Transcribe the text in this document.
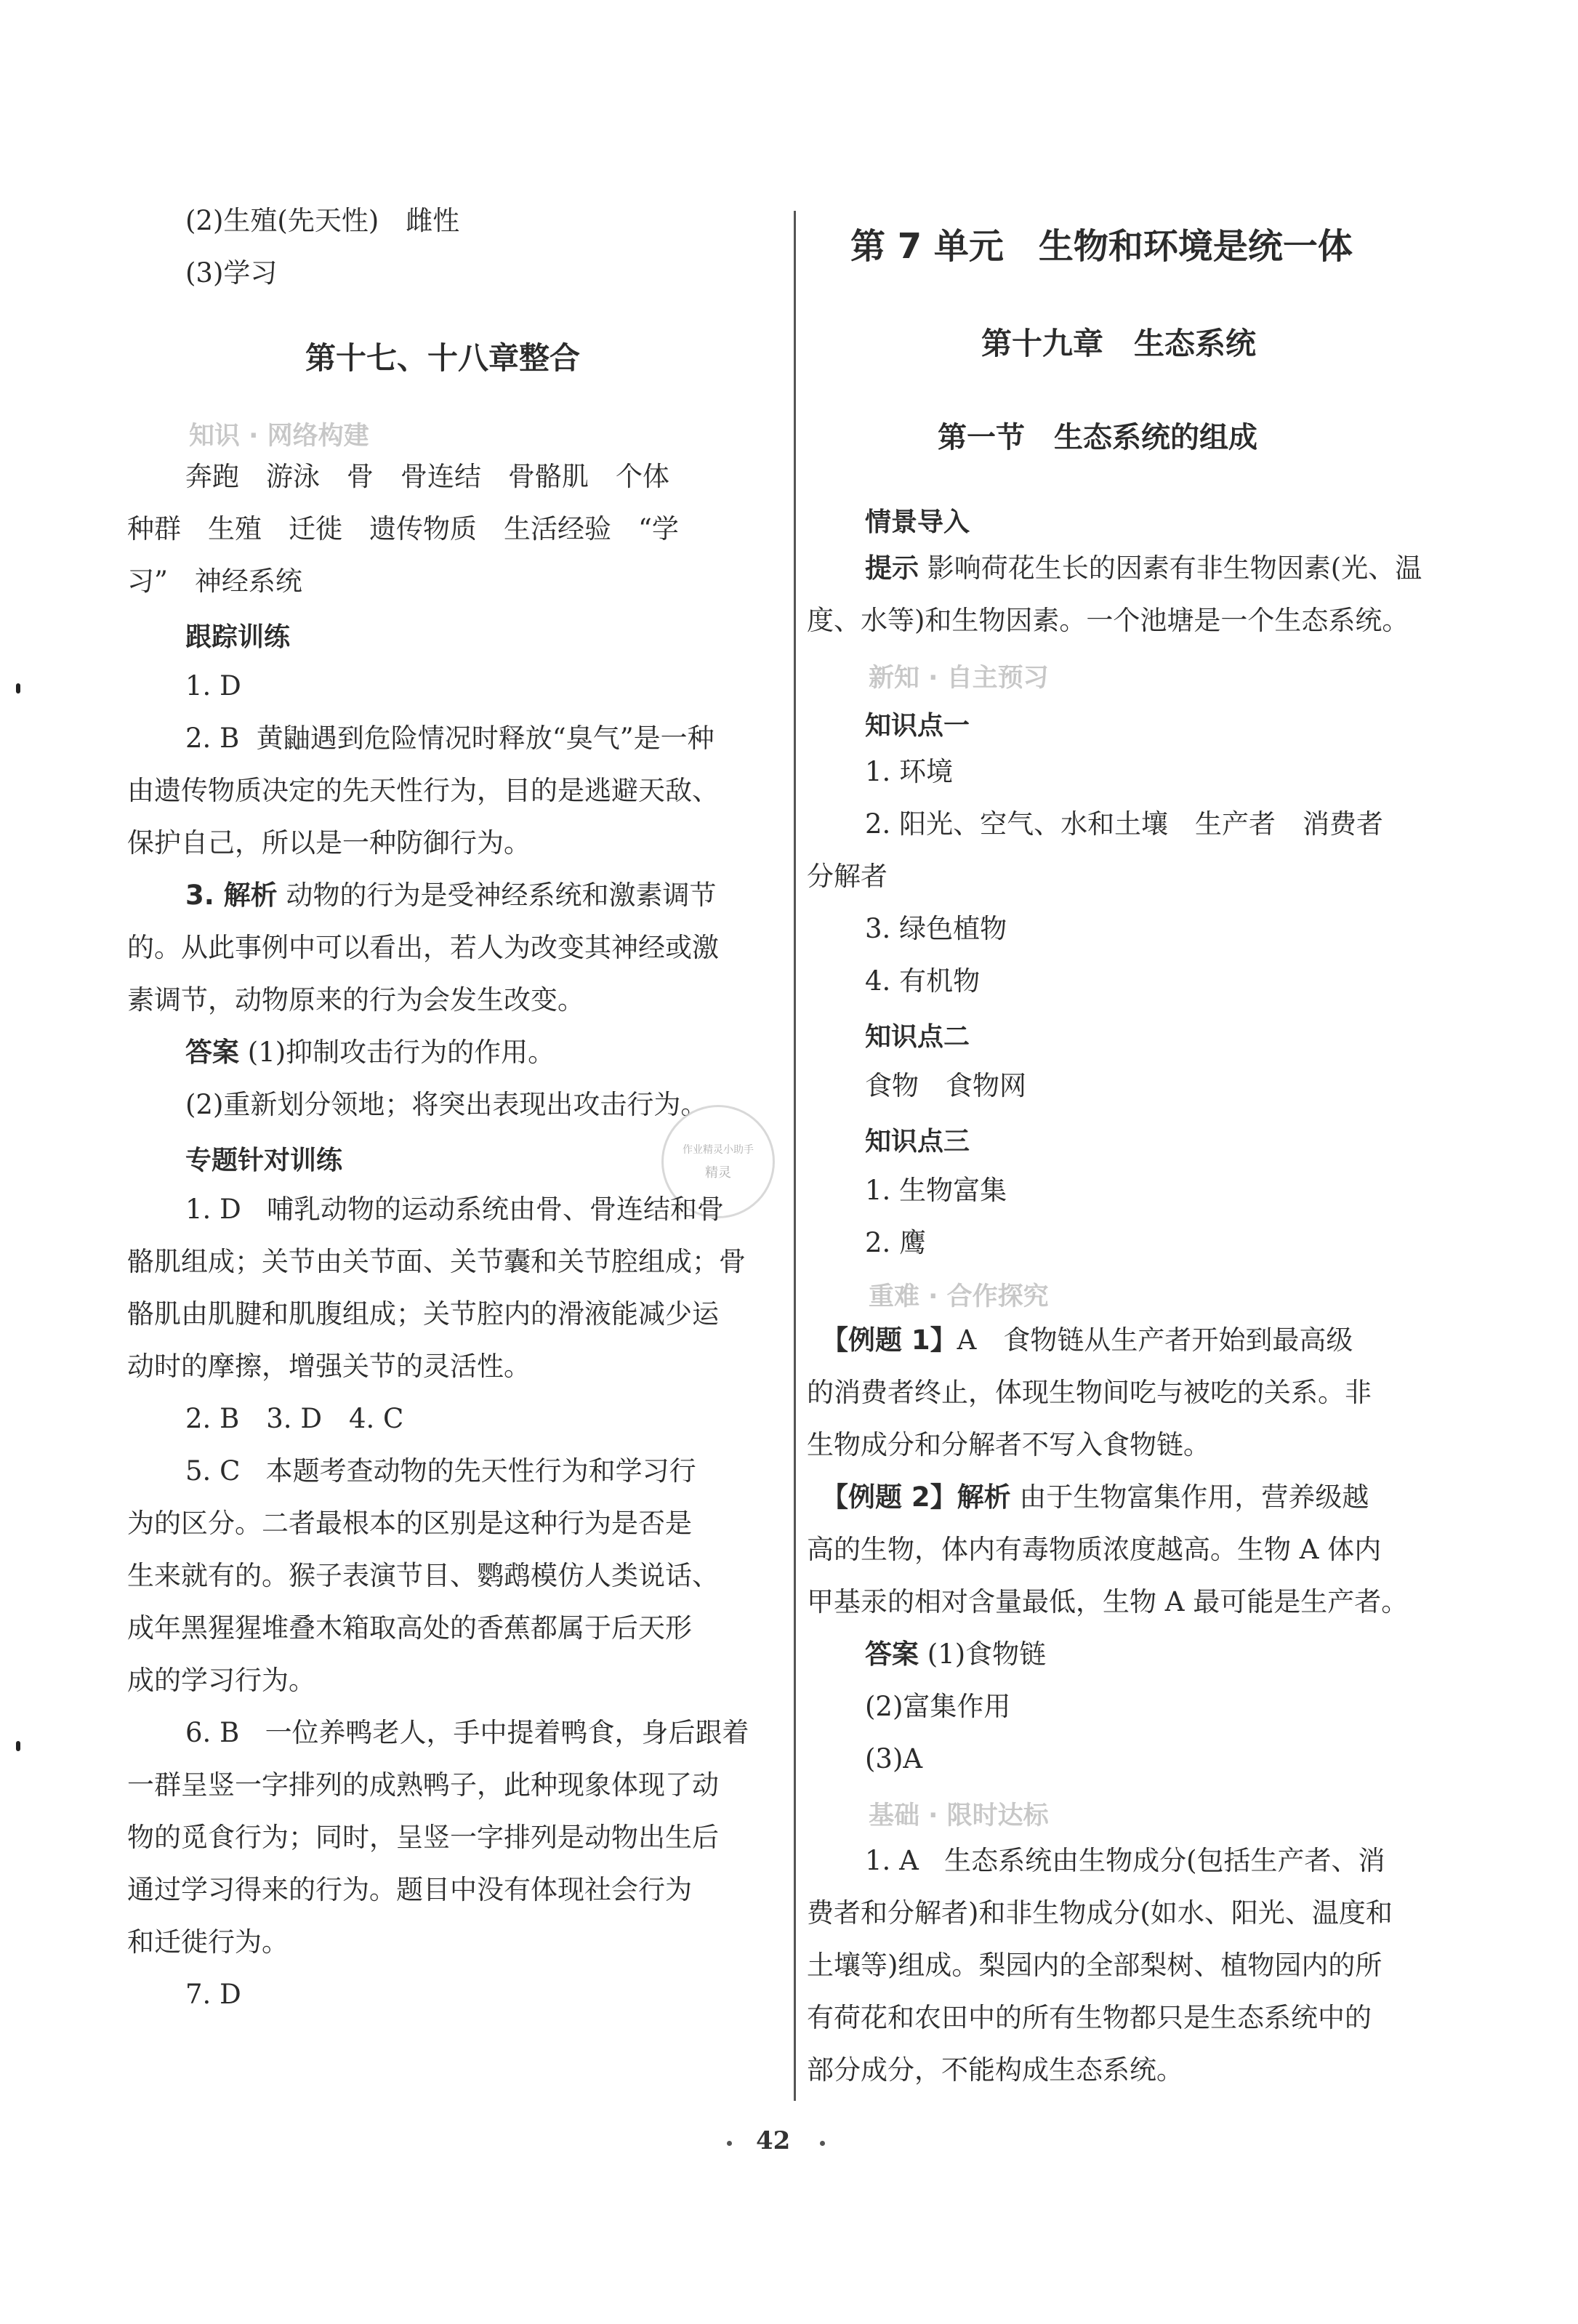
(2)生殖(先天性)　雌性
(3)学习
第十七、十八章整合
知识 · 网络构建
奔跑　游泳　骨　骨连结　骨骼肌　个体
种群　生殖　迁徙　遗传物质　生活经验　“学
习”　神经系统
跟踪训练
1. D
2. B 黄鼬遇到危险情况时释放“臭气”是一种
由遗传物质决定的先天性行为，目的是逃避天敌、
保护自己，所以是一种防御行为。
3. 解析 动物的行为是受神经系统和激素调节
的。从此事例中可以看出，若人为改变其神经或激
素调节，动物原来的行为会发生改变。
答案 (1)抑制攻击行为的作用。
(2)重新划分领地；将突出表现出攻击行为。
作业精灵小助手
精灵
专题针对训练
1. D 哺乳动物的运动系统由骨、骨连结和骨
骼肌组成；关节由关节面、关节囊和关节腔组成；骨
骼肌由肌腱和肌腹组成；关节腔内的滑液能减少运
动时的摩擦，增强关节的灵活性。
2. B　3. D　4. C
5. C 本题考查动物的先天性行为和学习行
为的区分。二者最根本的区别是这种行为是否是
生来就有的。猴子表演节目、鹦鹉模仿人类说话、
成年黑猩猩堆叠木箱取高处的香蕉都属于后天形
成的学习行为。
6. B 一位养鸭老人，手中提着鸭食，身后跟着
一群呈竖一字排列的成熟鸭子，此种现象体现了动
物的觅食行为；同时，呈竖一字排列是动物出生后
通过学习得来的行为。题目中没有体现社会行为
和迁徙行为。
7. D
第 7 单元　生物和环境是统一体
第十九章　生态系统
第一节　生态系统的组成
情景导入
提示 影响荷花生长的因素有非生物因素(光、温
度、水等)和生物因素。一个池塘是一个生态系统。
新知 · 自主预习
知识点一
1. 环境
2. 阳光、空气、水和土壤　生产者　消费者
分解者
3. 绿色植物
4. 有机物
知识点二
食物　食物网
知识点三
1. 生物富集
2. 鹰
重难 · 合作探究
【例题 1】A　食物链从生产者开始到最高级
的消费者终止，体现生物间吃与被吃的关系。非
生物成分和分解者不写入食物链。
【例题 2】解析 由于生物富集作用，营养级越
高的生物，体内有毒物质浓度越高。生物 A 体内
甲基汞的相对含量最低，生物 A 最可能是生产者。
答案 (1)食物链
(2)富集作用
(3)A
基础 · 限时达标
1. A 生态系统由生物成分(包括生产者、消
费者和分解者)和非生物成分(如水、阳光、温度和
土壤等)组成。梨园内的全部梨树、植物园内的所
有荷花和农田中的所有生物都只是生态系统中的
部分成分，不能构成生态系统。
42
